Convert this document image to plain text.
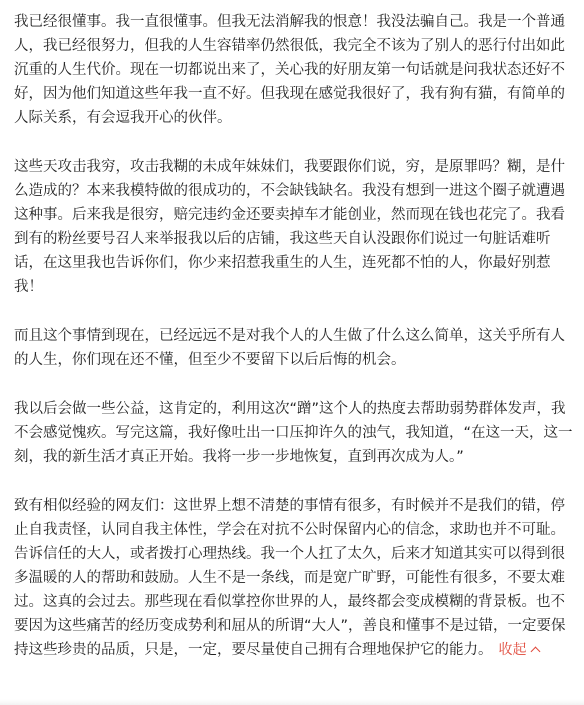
我已经很懂事。我一直很懂事。但我无法消解我的恨意！我没法骗自己。我是一个普通
人，我已经很努力，但我的人生容错率仍然很低，我完全不该为了别人的恶行付出如此
沉重的人生代价。现在一切都说出来了，关心我的好朋友第一句话就是问我状态还好不
好，因为他们知道这些年我一直不好。但我现在感觉我很好了，我有狗有猫，有简单的
人际关系，有会逗我开心的伙伴。
这些天攻击我穷，攻击我糊的未成年妹妹们，我要跟你们说，穷，是原罪吗？糊，是什
么造成的？本来我模特做的很成功的，不会缺钱缺名。我没有想到一进这个圈子就遭遇
这种事。后来我是很穷，赔完违约金还要卖掉车才能创业，然而现在钱也花完了。我看
到有的粉丝要号召人来举报我以后的店铺，我这些天自认没跟你们说过一句脏话难听
话，在这里我也告诉你们，你少来招惹我重生的人生，连死都不怕的人，你最好别惹
我！
而且这个事情到现在，已经远远不是对我个人的人生做了什么这么简单，这关乎所有人
的人生，你们现在还不懂，但至少不要留下以后后悔的机会。
我以后会做一些公益，这肯定的，利用这次“蹭”这个人的热度去帮助弱势群体发声，我
不会感觉愧疚。写完这篇，我好像吐出一口压抑许久的浊气，我知道，“在这一天，这一
刻，我的新生活才真正开始。我将一步一步地恢复，直到再次成为人。”
致有相似经验的网友们：这世界上想不清楚的事情有很多，有时候并不是我们的错，停
止自我责怪，认同自我主体性，学会在对抗不公时保留内心的信念，求助也并不可耻。
告诉信任的大人，或者拨打心理热线。我一个人扛了太久，后来才知道其实可以得到很
多温暖的人的帮助和鼓励。人生不是一条线，而是宽广旷野，可能性有很多，不要太难
过。这真的会过去。那些现在看似掌控你世界的人，最终都会变成模糊的背景板。也不
要因为这些痛苦的经历变成势利和屈从的所谓“大人”，善良和懂事不是过错，一定要保
持这些珍贵的品质，只是，一定，要尽量使自己拥有合理地保护它的能力。 收起
